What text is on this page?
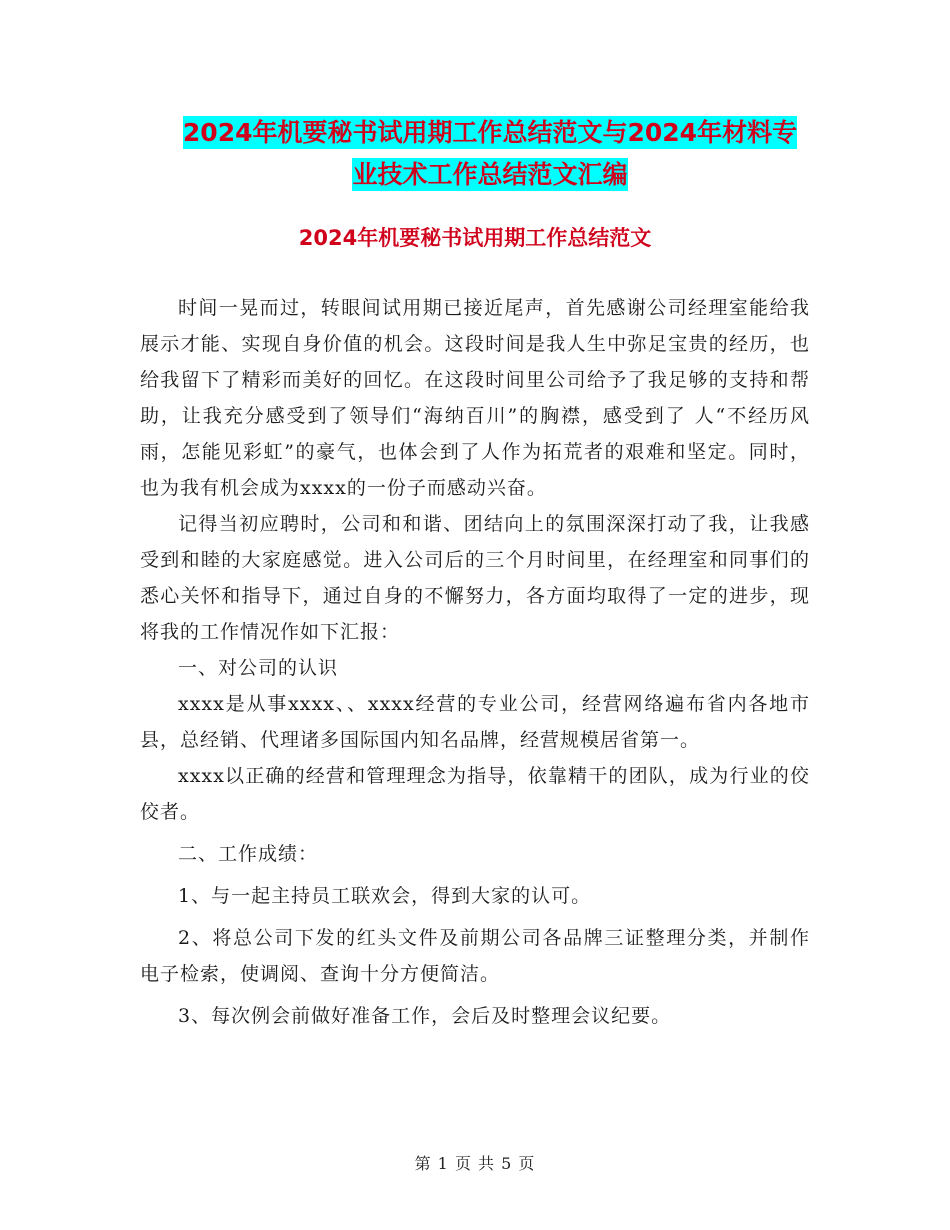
2024年机要秘书试用期工作总结范文与2024年材料专
业技术工作总结范文汇编
2024年机要秘书试用期工作总结范文

时间一晃而过，转眼间试用期已接近尾声，首先感谢公司经理室能给我展示才能、实现自身价值的机会。这段时间是我人生中弥足宝贵的经历，也给我留下了精彩而美好的回忆。在这段时间里公司给予了我足够的支持和帮助，让我充分感受到了领导们“海纳百川”的胸襟，感受到了 人“不经历风雨，怎能见彩虹”的豪气，也体会到了人作为拓荒者的艰难和坚定。同时，也为我有机会成为xxxx的一份子而感动兴奋。

记得当初应聘时，公司和和谐、团结向上的氛围深深打动了我，让我感受到和睦的大家庭感觉。进入公司后的三个月时间里，在经理室和同事们的悉心关怀和指导下，通过自身的不懈努力，各方面均取得了一定的进步，现将我的工作情况作如下汇报：

一、对公司的认识

xxxx是从事xxxx、、xxxx经营的专业公司，经营网络遍布省内各地市县，总经销、代理诸多国际国内知名品牌，经营规模居省第一。

xxxx以正确的经营和管理理念为指导，依靠精干的团队，成为行业的佼佼者。

二、工作成绩：

1、与一起主持员工联欢会，得到大家的认可。

2、将总公司下发的红头文件及前期公司各品牌三证整理分类，并制作电子检索，使调阅、查询十分方便简洁。

3、每次例会前做好准备工作，会后及时整理会议纪要。

第 1 页 共 5 页
